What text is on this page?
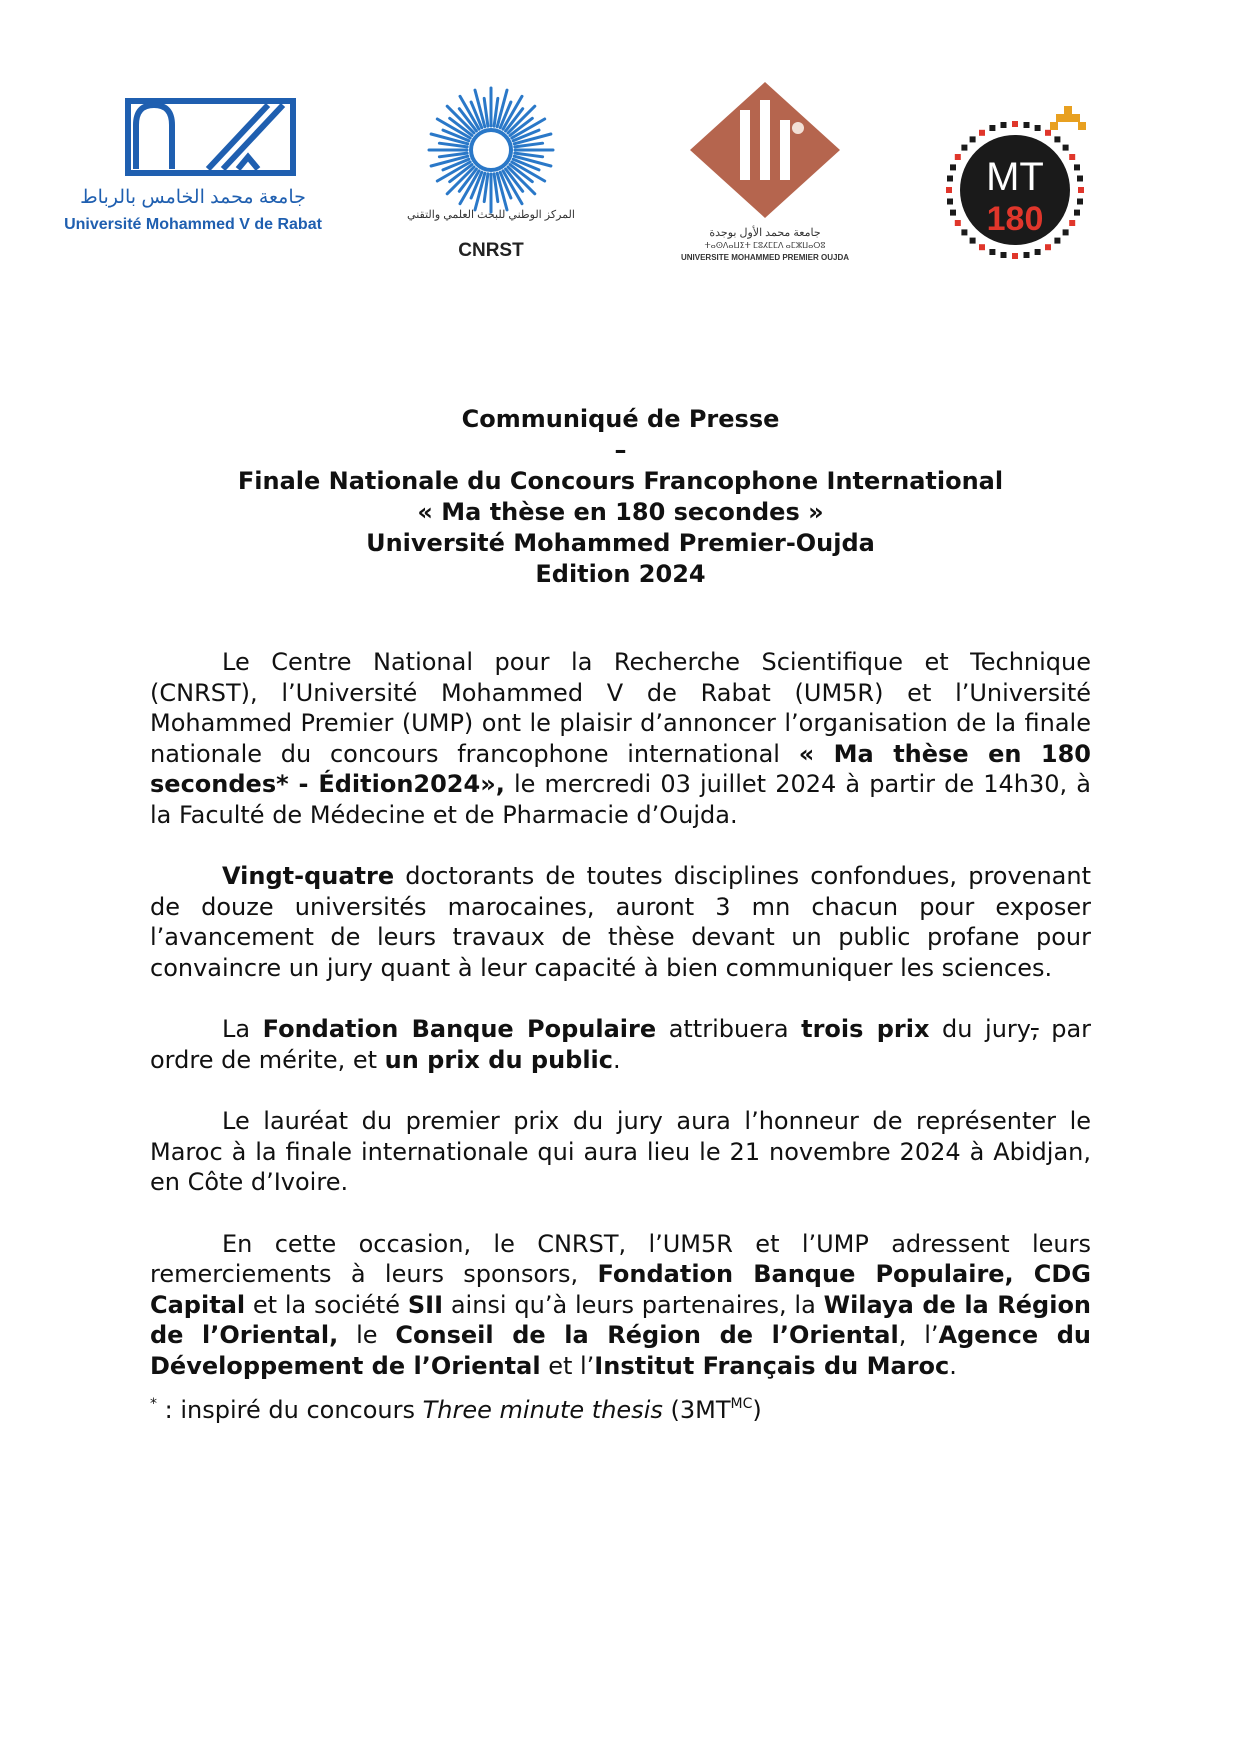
جامعة محمد الخامس بالرباط
Université Mohammed V de Rabat
المركز الوطني للبحث العلمي والتقني
CNRST
جامعة محمد الأول بوجدة
ⵜⴰⵙⴷⴰⵡⵉⵜ ⵎⵓⵃⵎⵎⴷ ⴰⵎⵣⵡⴰⵔⵓ
UNIVERSITE MOHAMMED PREMIER OUJDA
MT
180
Communiqué de Presse
–
Finale Nationale du Concours Francophone International
« Ma thèse en 180 secondes »
Université Mohammed Premier-Oujda
Edition 2024

Le Centre National pour la Recherche Scientifique et Technique (CNRST), l’Université Mohammed V de Rabat (UM5R) et l’Université Mohammed Premier (UMP) ont le plaisir d’annoncer l’organisation de la finale nationale du concours francophone international « Ma thèse en 180 secondes* - Édition2024», le mercredi 03 juillet 2024 à partir de 14h30, à la Faculté de Médecine et de Pharmacie d’Oujda.

Vingt-quatre doctorants de toutes disciplines confondues, provenant de douze universités marocaines, auront 3 mn chacun pour exposer l’avancement de leurs travaux de thèse devant un public profane pour convaincre un jury quant à leur capacité à bien communiquer les sciences.

La Fondation Banque Populaire attribuera trois prix du jury, par ordre de mérite, et un prix du public.

Le lauréat du premier prix du jury aura l’honneur de représenter le Maroc à la finale internationale qui aura lieu le 21 novembre 2024 à Abidjan, en Côte d’Ivoire.

En cette occasion, le CNRST, l’UM5R et l’UMP adressent leurs remerciements à leurs sponsors, Fondation Banque Populaire, CDG Capital et la société SII ainsi qu’à leurs partenaires, la Wilaya de la Région de l’Oriental, le Conseil de la Région de l’Oriental, l’Agence du Développement de l’Oriental et l’Institut Français du Maroc.

* : inspiré du concours Three minute thesis $(3MT^{MC})$
